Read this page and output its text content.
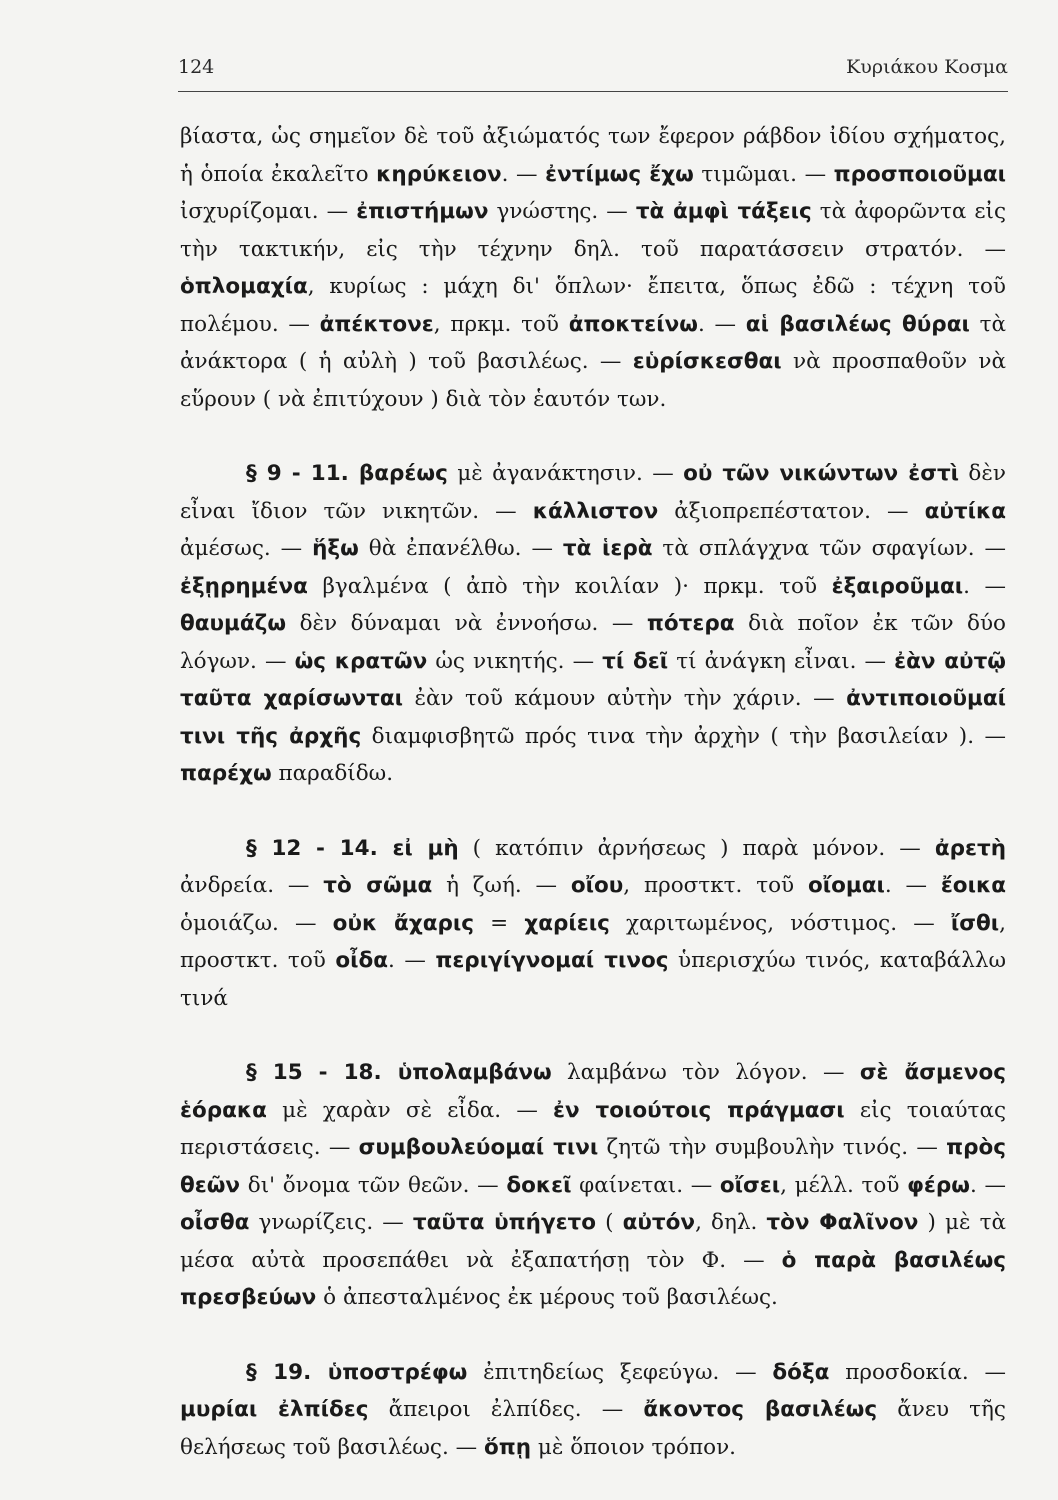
124	Κυριάκου Κοσμα

βίαστα, ὡς σημεῖον δὲ τοῦ ἀξιώματός των ἔφερον ράβδον ἰδίου σχήματος, ἡ ὁποία ἐκαλεῖτο κηρύκειον. — ἐντίμως ἔχω τιμῶμαι. — προσποιοῦμαι ἰσχυρίζομαι. — ἐπιστήμων γνώστης. — τὰ ἀμφὶ τάξεις τὰ ἀφορῶντα εἰς τὴν τακτικήν, εἰς τὴν τέχνην δηλ. τοῦ παρατάσσειν στρατόν. — ὁπλομαχία, κυρίως : μάχη δι' ὅπλων· ἔπειτα, ὅπως ἐδῶ : τέχνη τοῦ πολέμου. — ἀπέκτονε, πρκμ. τοῦ ἀποκτείνω. — αἱ βασιλέως θύραι τὰ ἀνάκτορα ( ἡ αὐλὴ ) τοῦ βασιλέως. — εὑρίσκεσθαι νὰ προσπαθοῦν νὰ εὕρουν ( νὰ ἐπιτύχουν ) διὰ τὸν ἑαυτόν των.

§ 9 - 11. βαρέως μὲ ἀγανάκτησιν. — οὐ τῶν νικώντων ἐστὶ δὲν εἶναι ἴδιον τῶν νικητῶν. — κάλλιστον ἀξιοπρεπέστατον. — αὐτίκα ἀμέσως. — ἥξω θὰ ἐπανέλθω. — τὰ ἱερὰ τὰ σπλάγχνα τῶν σφαγίων. — ἐξῃρημένα βγαλμένα ( ἀπὸ τὴν κοιλίαν )· πρκμ. τοῦ ἐξαιροῦμαι. — θαυμάζω δὲν δύναμαι νὰ ἐννοήσω. — πότερα διὰ ποῖον ἐκ τῶν δύο λόγων. — ὡς κρατῶν ὡς νικητής. — τί δεῖ τί ἀνάγκη εἶναι. — ἐὰν αὐτῷ ταῦτα χαρίσωνται ἐὰν τοῦ κάμουν αὐτὴν τὴν χάριν. — ἀντιποιοῦμαί τινι τῆς ἀρχῆς διαμφισβητῶ πρός τινα τὴν ἀρχὴν ( τὴν βασιλείαν ). — παρέχω παραδίδω.

§ 12 - 14. εἰ μὴ ( κατόπιν ἀρνήσεως ) παρὰ μόνον. — ἀρετὴ ἀνδρεία. — τὸ σῶμα ἡ ζωή. — οἴου, προστκτ. τοῦ οἴομαι. — ἔοικα ὁμοιάζω. — οὐκ ἄχαρις = χαρίεις χαριτωμένος, νόστιμος. — ἴσθι, προστκτ. τοῦ οἶδα. — περιγίγνομαί τινος ὑπερισχύω τινός, καταβάλλω τινά

§ 15 - 18. ὑπολαμβάνω λαμβάνω τὸν λόγον. — σὲ ἄσμενος ἑόρακα μὲ χαρὰν σὲ εἶδα. — ἐν τοιούτοις πράγμασι εἰς τοιαύτας περιστάσεις. — συμβουλεύομαί τινι ζητῶ τὴν συμβουλὴν τινός. — πρὸς θεῶν δι' ὄνομα τῶν θεῶν. — δοκεῖ φαίνεται. — οἴσει, μέλλ. τοῦ φέρω. — οἶσθα γνωρίζεις. — ταῦτα ὑπήγετο ( αὐτόν, δηλ. τὸν Φαλῖνον ) μὲ τὰ μέσα αὐτὰ προσεπάθει νὰ ἐξαπατήσῃ τὸν Φ. — ὁ παρὰ βασιλέως πρεσβεύων ὁ ἀπεσταλμένος ἐκ μέρους τοῦ βασιλέως.

§ 19. ὑποστρέφω ἐπιτηδείως ξεφεύγω. — δόξα προσδοκία. — μυρίαι ἐλπίδες ἄπειροι ἐλπίδες. — ἄκοντος βασιλέως ἄνευ τῆς θελήσεως τοῦ βασιλέως. — ὅπῃ μὲ ὅποιον τρόπον.
